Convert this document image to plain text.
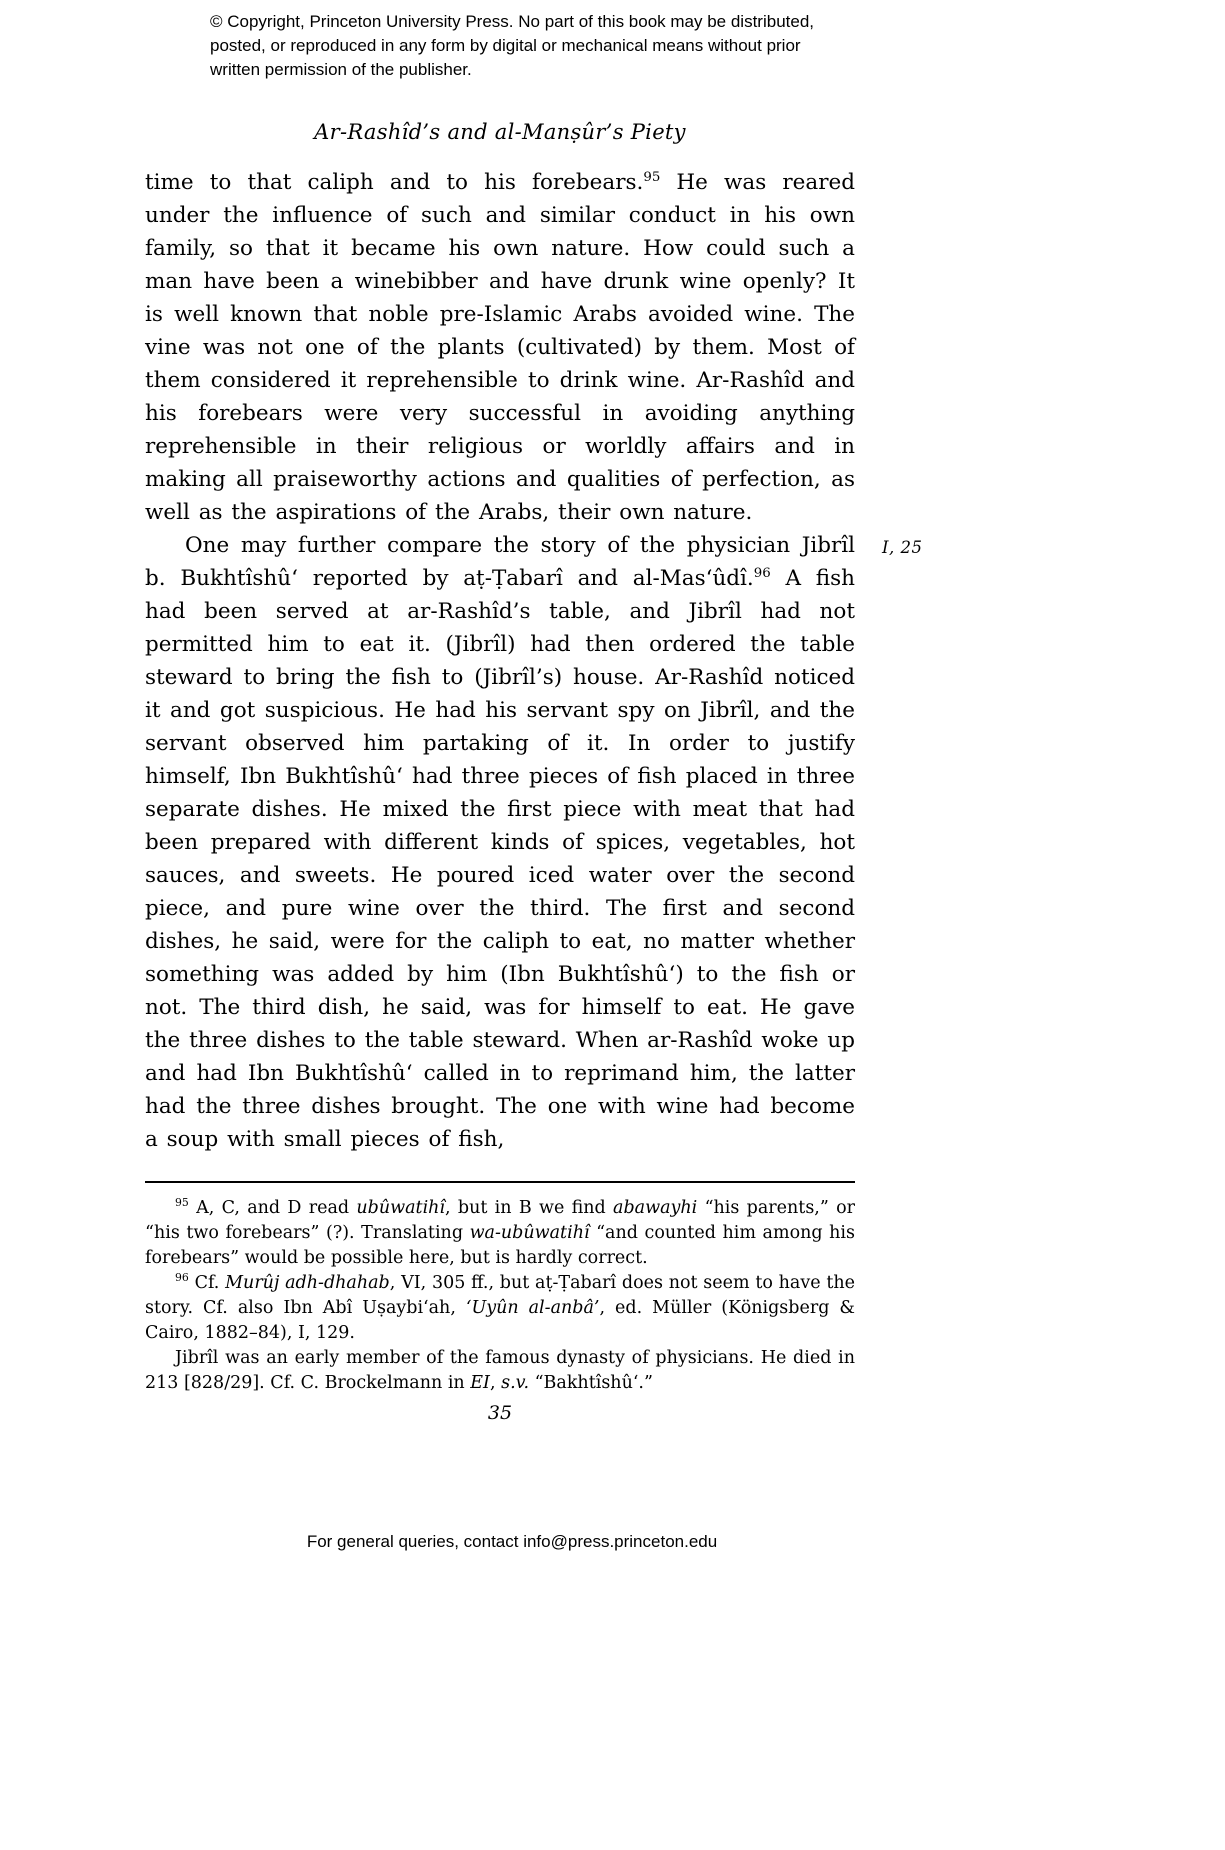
© Copyright, Princeton University Press. No part of this book may be distributed, posted, or reproduced in any form by digital or mechanical means without prior written permission of the publisher.
Ar-Rashîd’s and al-Manṣûr’s Piety

time to that caliph and to his forebears.$^{95}$ He was reared under the influence of such and similar conduct in his own family, so that it became his own nature. How could such a man have been a winebibber and have drunk wine openly? It is well known that noble pre-Islamic Arabs avoided wine. The vine was not one of the plants (cultivated) by them. Most of them considered it reprehensible to drink wine. Ar-Rashîd and his forebears were very successful in avoiding anything reprehensible in their religious or worldly affairs and in making all praiseworthy actions and qualities of perfection, as well as the aspirations of the Arabs, their own nature.

One may further compare the story of the physician Jibrîl b. Bukhtîshû‘ reported by aṭ-Ṭabarî and al-Mas‘ûdî.$^{96}$ A fish had been served at ar-Rashîd’s table, and Jibrîl had not permitted him to eat it. (Jibrîl) had then ordered the table steward to bring the fish to (Jibrîl’s) house. Ar-Rashîd noticed it and got suspicious. He had his servant spy on Jibrîl, and the servant observed him partaking of it. In order to justify himself, Ibn Bukhtîshû‘ had three pieces of fish placed in three separate dishes. He mixed the first piece with meat that had been prepared with different kinds of spices, vegetables, hot sauces, and sweets. He poured iced water over the second piece, and pure wine over the third. The first and second dishes, he said, were for the caliph to eat, no matter whether something was added by him (Ibn Bukhtîshû‘) to the fish or not. The third dish, he said, was for himself to eat. He gave the three dishes to the table steward. When ar-Rashîd woke up and had Ibn Bukhtîshû‘ called in to reprimand him, the latter had the three dishes brought. The one with wine had become a soup with small pieces of fish,

I, 25

$^{95}$ A, C, and D read ubûwatihî, but in B we find abawayhi “his parents,” or “his two forebears” (?). Translating wa-ubûwatihî “and counted him among his forebears” would be possible here, but is hardly correct.

$^{96}$ Cf. Murûj adh-dhahab, VI, 305 ff., but aṭ-Ṭabarî does not seem to have the story. Cf. also Ibn Abî Uṣaybi‘ah, ‘Uyûn al-anbâ’, ed. Müller (Königsberg & Cairo, 1882–84), I, 129.

Jibrîl was an early member of the famous dynasty of physicians. He died in 213 [828/29]. Cf. C. Brockelmann in EI, s.v. “Bakhtîshû‘.”

35
For general queries, contact info@press.princeton.edu
